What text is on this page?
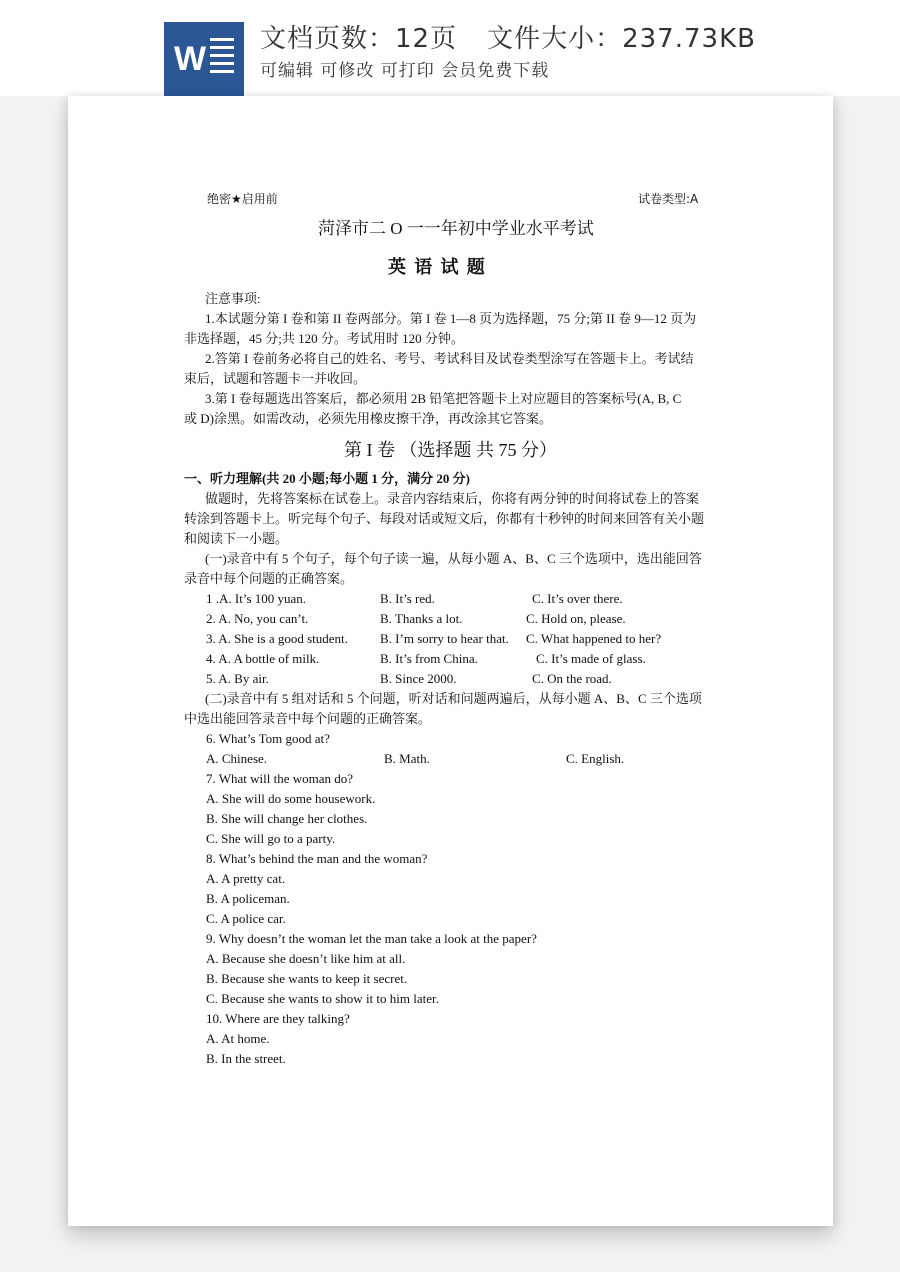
W
文档页数：12页 文件大小：237.73KB
可编辑 可修改 可打印 会员免费下载
绝密★启用前	试卷类型:A
菏泽市二 O 一一年初中学业水平考试
英 语 试 题
注意事项:
1.本试题分第 I 卷和第 II 卷两部分。第 I 卷 1—8 页为选择题，75 分;第 II 卷 9—12 页为
非选择题，45 分;共 120 分。考试用时 120 分钟。
2.答第 I 卷前务必将自己的姓名、考号、考试科目及试卷类型涂写在答题卡上。考试结
束后，试题和答题卡一并收回。
3.第 I 卷每题选出答案后，都必须用 2B 铅笔把答题卡上对应题目的答案标号(A, B, C
或 D)涂黑。如需改动，必须先用橡皮擦干净，再改涂其它答案。
第 I 卷 （选择题 共 75 分）
一、听力理解(共 20 小题;每小题 1 分，满分 20 分)
做题时，先将答案标在试卷上。录音内容结束后，你将有两分钟的时间将试卷上的答案
转涂到答题卡上。听完每个句子、每段对话或短文后，你都有十秒钟的时间来回答有关小题
和阅读下一小题。
(一)录音中有 5 个句子，每个句子读一遍，从每小题 A、B、C 三个选项中，选出能回答
录音中每个问题的正确答案。
1 .A. It’s 100 yuan.	B. It’s red.	C. It’s over there.
2. A. No, you can’t.	B. Thanks a lot.	C. Hold on, please.
3. A. She is a good student. B. I’m sorry to hear that. C. What happened to her?
4. A. A bottle of milk.	B. It’s from China.	C. It’s made of glass.
5. A. By air.	B. Since 2000.	C. On the road.
(二)录音中有 5 组对话和 5 个问题，听对话和问题两遍后，从每小题 A、B、C 三个选项
中选出能回答录音中每个问题的正确答案。
6. What’s Tom good at?
A. Chinese.	B. Math.	C. English.
7. What will the woman do?
A. She will do some housework.
B. She will change her clothes.
C. She will go to a party.
8. What’s behind the man and the woman?
A. A pretty cat.
B. A policeman.
C. A police car.
9. Why doesn’t the woman let the man take a look at the paper?
A. Because she doesn’t like him at all.
B. Because she wants to keep it secret.
C. Because she wants to show it to him later.
10. Where are they talking?
A. At home.
B. In the street.
